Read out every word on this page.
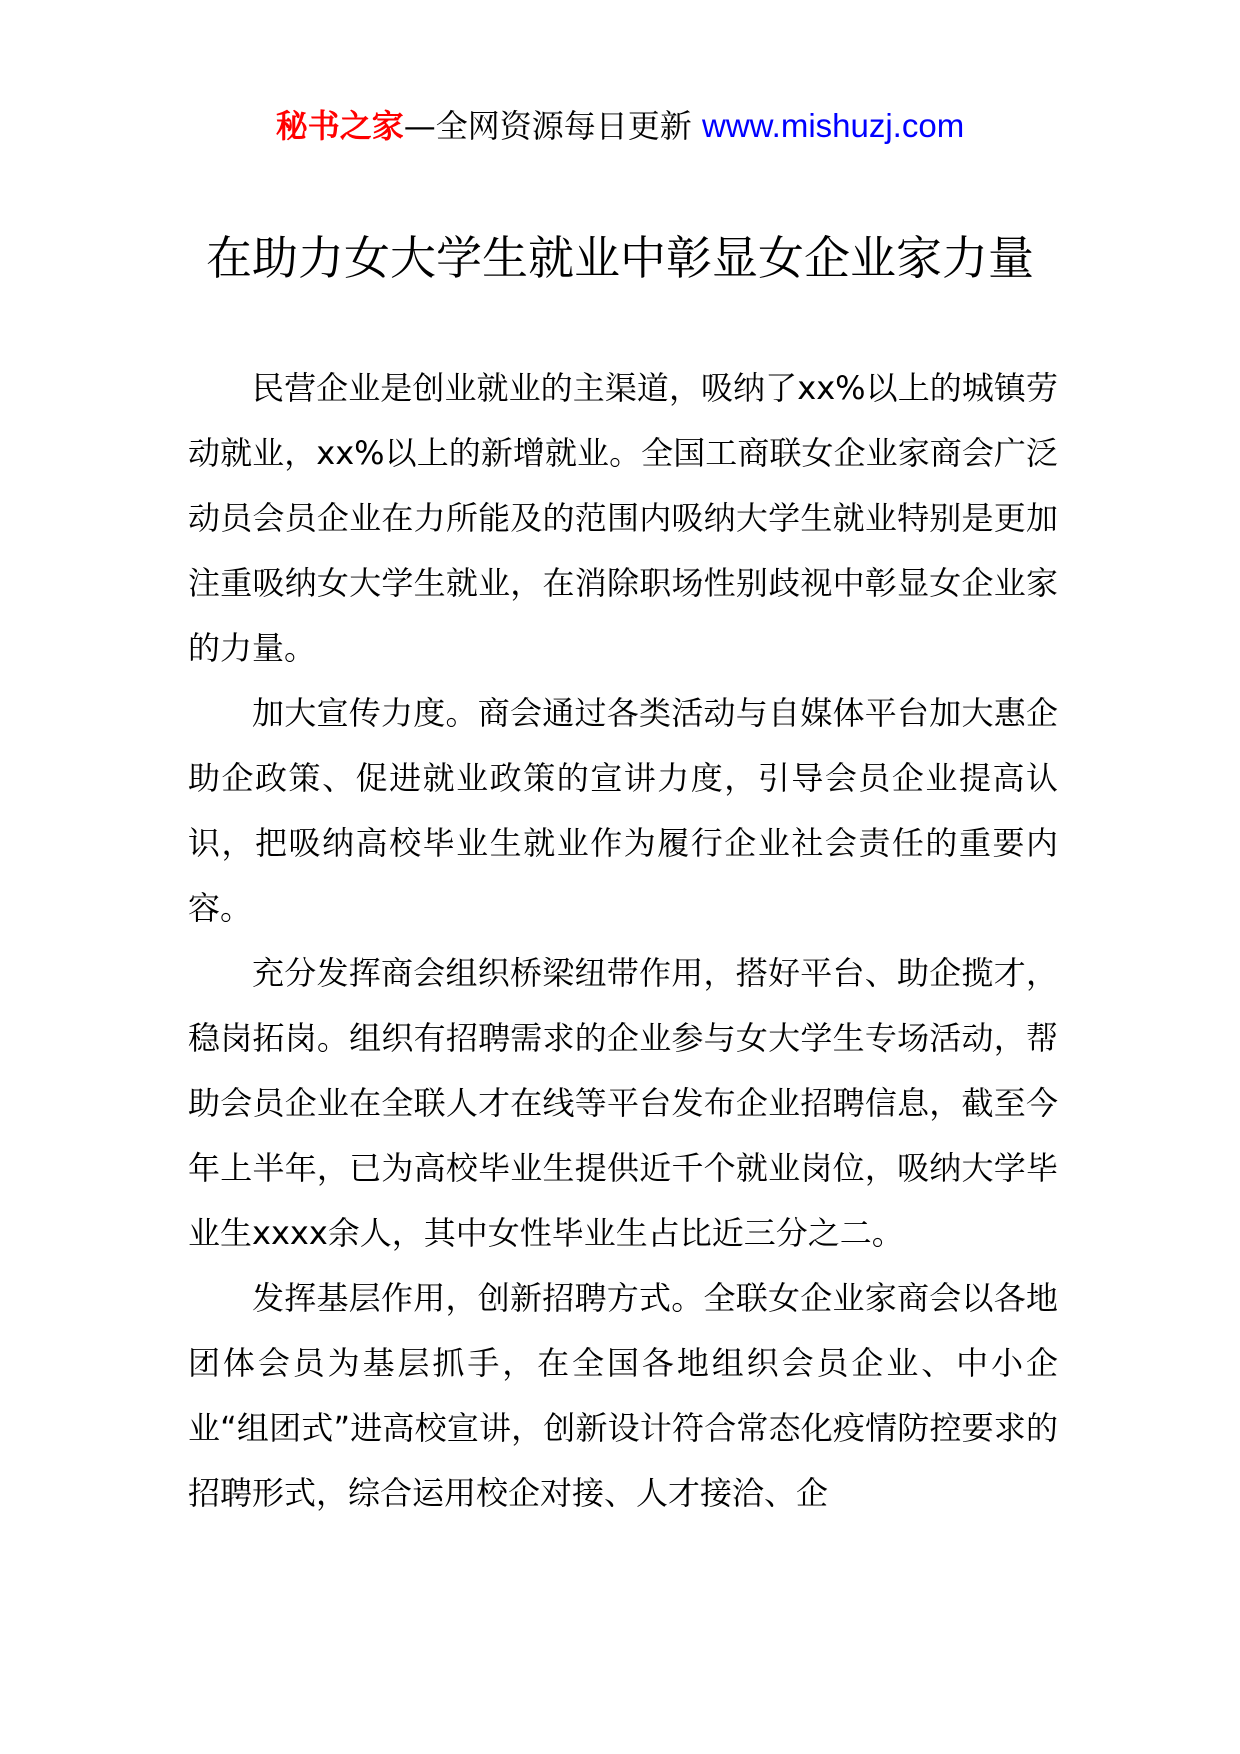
秘书之家—全网资源每日更新 www.mishuzj.com
在助力女大学生就业中彰显女企业家力量

民营企业是创业就业的主渠道，吸纳了xx%以上的城镇劳动就业，xx%以上的新增就业。全国工商联女企业家商会广泛动员会员企业在力所能及的范围内吸纳大学生就业特别是更加注重吸纳女大学生就业，在消除职场性别歧视中彰显女企业家的力量。

加大宣传力度。商会通过各类活动与自媒体平台加大惠企助企政策、促进就业政策的宣讲力度，引导会员企业提高认识，把吸纳高校毕业生就业作为履行企业社会责任的重要内容。

充分发挥商会组织桥梁纽带作用，搭好平台、助企揽才，稳岗拓岗。组织有招聘需求的企业参与女大学生专场活动，帮助会员企业在全联人才在线等平台发布企业招聘信息，截至今年上半年，已为高校毕业生提供近千个就业岗位，吸纳大学毕业生xxxx余人，其中女性毕业生占比近三分之二。

发挥基层作用，创新招聘方式。全联女企业家商会以各地团体会员为基层抓手，在全国各地组织会员企业、中小企业“组团式”进高校宣讲，创新设计符合常态化疫情防控要求的招聘形式，综合运用校企对接、人才接洽、企
